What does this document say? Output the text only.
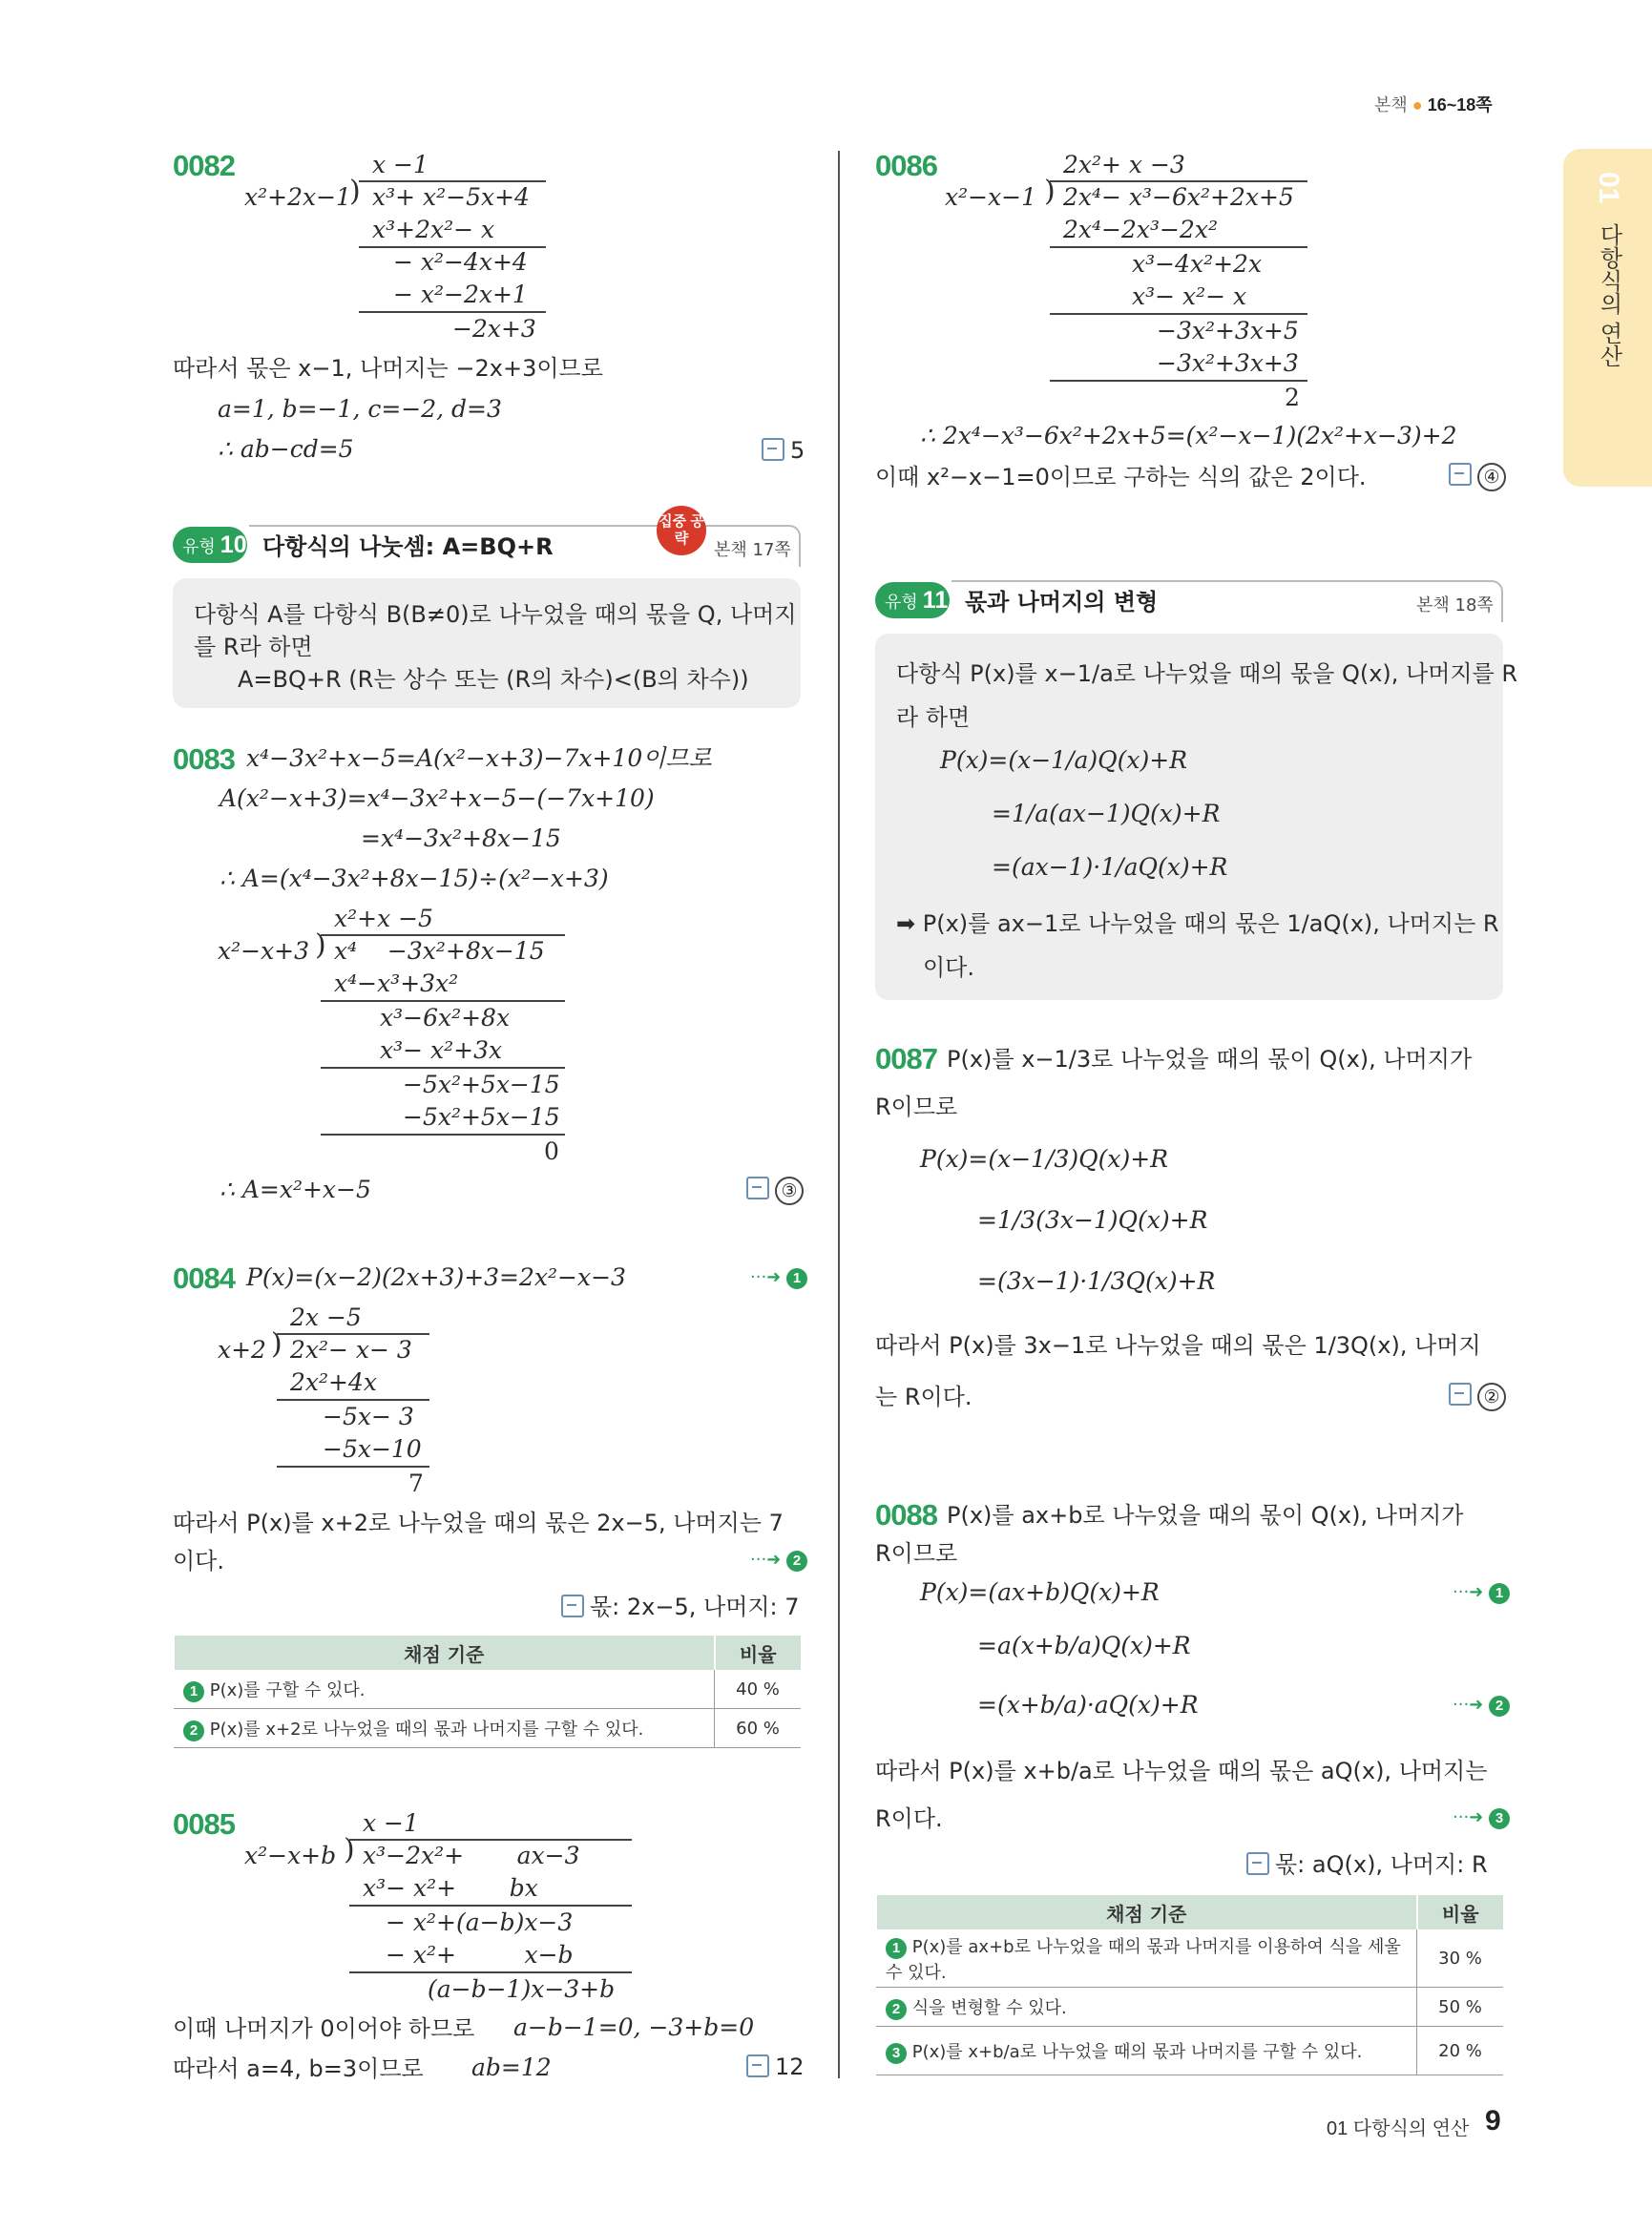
본책 ● 16~18쪽
01
다항식의 연산
0082	x −1
x²+2x−1
) x³+ x²−5x+4
x³+2x²− x
− x²−4x+4
− x²−2x+1
−2x+3
따라서 몫은 x−1, 나머지는 −2x+3이므로
a=1, b=−1, c=−2, d=3
∴ ab−cd=5	5
유형 10 다항식의 나눗셈: A=BQ+R
집중 공략
본책 17쪽
다항식 A를 다항식 B(B≠0)로 나누었을 때의 몫을 Q, 나머지
를 R라 하면
A=BQ+R (R는 상수 또는 (R의 차수)<(B의 차수))
0083 x⁴−3x²+x−5=A(x²−x+3)−7x+10이므로
A(x²−x+3)=x⁴−3x²+x−5−(−7x+10)
=x⁴−3x²+8x−15
∴ A=(x⁴−3x²+8x−15)÷(x²−x+3)
x²+x −5
x²−x+3 ) x⁴    −3x²+8x−15
x⁴−x³+3x²
x³−6x²+8x
x³− x²+3x
−5x²+5x−15
−5x²+5x−15
0
∴ A=x²+x−5	③
0084 P(x)=(x−2)(2x+3)+3=2x²−x−3	···➜ 1
2x −5
x+2 ) 2x²− x− 3
2x²+4x
−5x− 3
−5x−10
7
따라서 P(x)를 x+2로 나누었을 때의 몫은 2x−5, 나머지는 7
이다.	···➜ 2
몫: 2x−5, 나머지: 7
채점 기준	비율
1 P(x)를 구할 수 있다.	40 %
2 P(x)를 x+2로 나누었을 때의 몫과 나머지를 구할 수 있다.	60 %
0085	x −1
x²−x+b ) x³−2x²+       ax−3
x³− x²+       bx
− x²+(a−b)x−3
− x²+         x−b
(a−b−1)x−3+b
이때 나머지가 0이어야 하므로 a−b−1=0, −3+b=0
따라서 a=4, b=3이므로 ab=12	12
0086	2x²+ x −3
x²−x−1 ) 2x⁴− x³−6x²+2x+5
2x⁴−2x³−2x²
x³−4x²+2x
x³− x²− x
−3x²+3x+5
−3x²+3x+3
2
∴ 2x⁴−x³−6x²+2x+5=(x²−x−1)(2x²+x−3)+2
이때 x²−x−1=0이므로 구하는 식의 값은 2이다.	④
유형 11 몫과 나머지의 변형	본책 18쪽
다항식 P(x)를 x−1/a로 나누었을 때의 몫을 Q(x), 나머지를 R
라 하면
P(x)=(x−1/a)Q(x)+R
=1/a(ax−1)Q(x)+R
=(ax−1)·1/aQ(x)+R
➡ P(x)를 ax−1로 나누었을 때의 몫은 1/aQ(x), 나머지는 R
이다.
0087 P(x)를 x−1/3로 나누었을 때의 몫이 Q(x), 나머지가
R이므로
P(x)=(x−1/3)Q(x)+R
=1/3(3x−1)Q(x)+R
=(3x−1)·1/3Q(x)+R
따라서 P(x)를 3x−1로 나누었을 때의 몫은 1/3Q(x), 나머지
는 R이다.	②
0088 P(x)를 ax+b로 나누었을 때의 몫이 Q(x), 나머지가
R이므로
P(x)=(ax+b)Q(x)+R	···➜ 1
=a(x+b/a)Q(x)+R
=(x+b/a)·aQ(x)+R	···➜ 2
따라서 P(x)를 x+b/a로 나누었을 때의 몫은 aQ(x), 나머지는
R이다.	···➜ 3
몫: aQ(x), 나머지: R
채점 기준	비율
1 P(x)를 ax+b로 나누었을 때의 몫과 나머지를 이용하여 식을 세울 수 있다.	30 %
2 식을 변형할 수 있다.	50 %
3 P(x)를 x+b/a로 나누었을 때의 몫과 나머지를 구할 수 있다.	20 %
01 다항식의 연산 9
